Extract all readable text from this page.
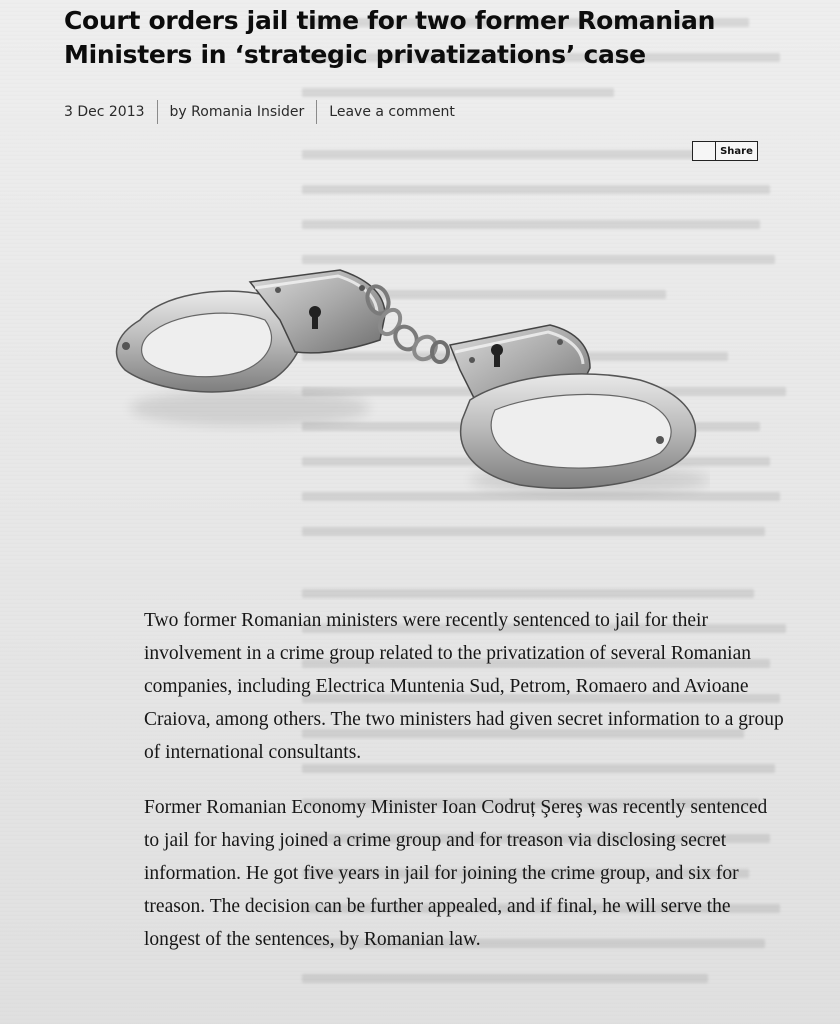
Court orders jail time for two former Romanian Ministers in ‘strategic privatizations’ case
3 Dec 2013 by Romania Insider Leave a comment
Share

Two former Romanian ministers were recently sentenced to jail for their involvement in a crime group related to the privatization of several Romanian companies, including Electrica Muntenia Sud, Petrom, Romaero and Avioane Craiova, among others. The two ministers had given secret information to a group of international consultants.

Former Romanian Economy Minister Ioan Codruț Şereş was recently sentenced to jail for having joined a crime group and for treason via disclosing secret information. He got five years in jail for joining the crime group, and six for treason. The decision can be further appealed, and if final, he will serve the longest of the sentences, by Romanian law.
